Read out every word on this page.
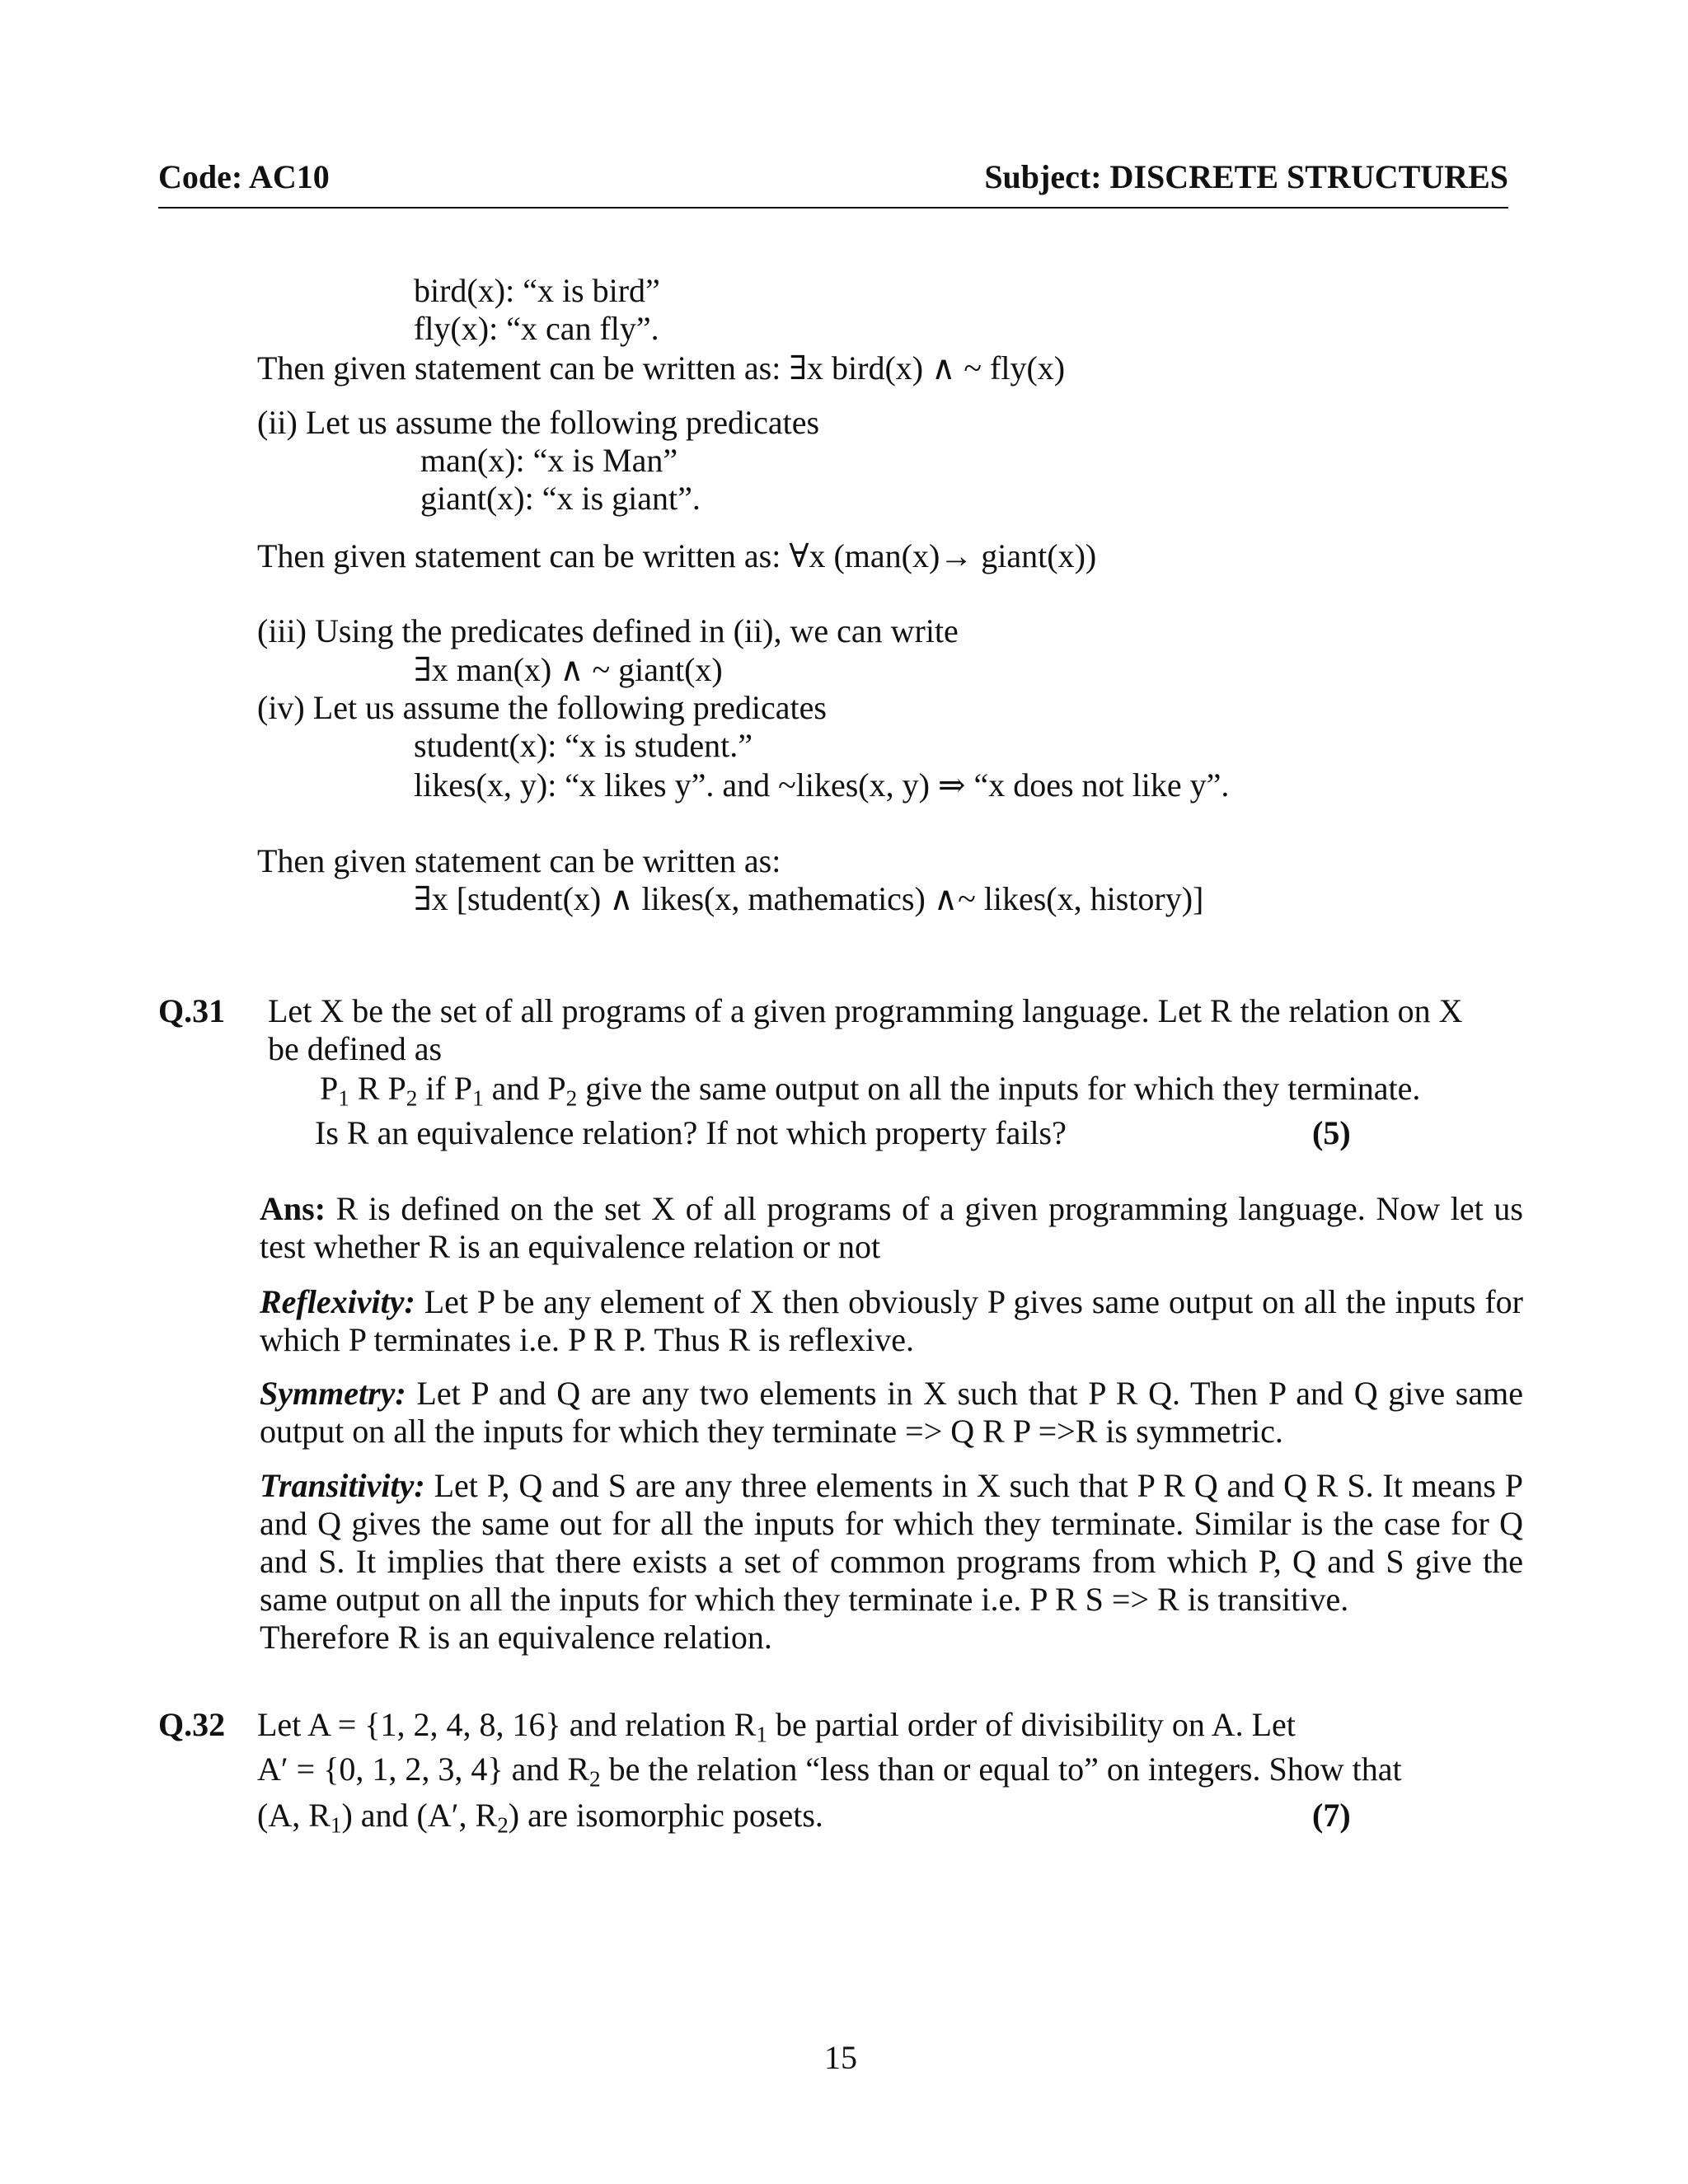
Code: AC10	Subject: DISCRETE STRUCTURES
bird(x): “x is bird”
fly(x): “x can fly”.
Then given statement can be written as: ∃x bird(x) ∧ ~ fly(x)
(ii) Let us assume the following predicates
man(x): “x is Man”
giant(x): “x is giant”.
Then given statement can be written as: ∀x (man(x)→ giant(x))
(iii) Using the predicates defined in (ii), we can write
∃x man(x) ∧ ~ giant(x)
(iv) Let us assume the following predicates
student(x): “x is student.”
likes(x, y): “x likes y”. and ~likes(x, y) ⇒ “x does not like y”.
Then given statement can be written as:
∃x [student(x) ∧ likes(x, mathematics) ∧~ likes(x, history)]
Q.31 Let X be the set of all programs of a given programming language. Let R the relation on X
be defined as
$P_1$ R $P_2$ if $P_1$ and $P_2$ give the same output on all the inputs for which they terminate.
Is R an equivalence relation? If not which property fails?	(5)
Ans: R is defined on the set X of all programs of a given programming language. Now let us
test whether R is an equivalence relation or not
Reflexivity: Let P be any element of X then obviously P gives same output on all the inputs for
which P terminates i.e. P R P. Thus R is reflexive.
Symmetry: Let P and Q are any two elements in X such that P R Q. Then P and Q give same
output on all the inputs for which they terminate => Q R P =>R is symmetric.
Transitivity: Let P, Q and S are any three elements in X such that P R Q and Q R S. It means P
and Q gives the same out for all the inputs for which they terminate. Similar is the case for Q
and S. It implies that there exists a set of common programs from which P, Q and S give the
same output on all the inputs for which they terminate i.e. P R S => R is transitive.
Therefore R is an equivalence relation.
Q.32 Let A = {1, 2, 4, 8, 16} and relation $R_1$ be partial order of divisibility on A. Let
A′ = {0, 1, 2, 3, 4} and $R_2$ be the relation “less than or equal to” on integers. Show that
(A, $R_1$) and (A′, $R_2$) are isomorphic posets.	(7)
15
